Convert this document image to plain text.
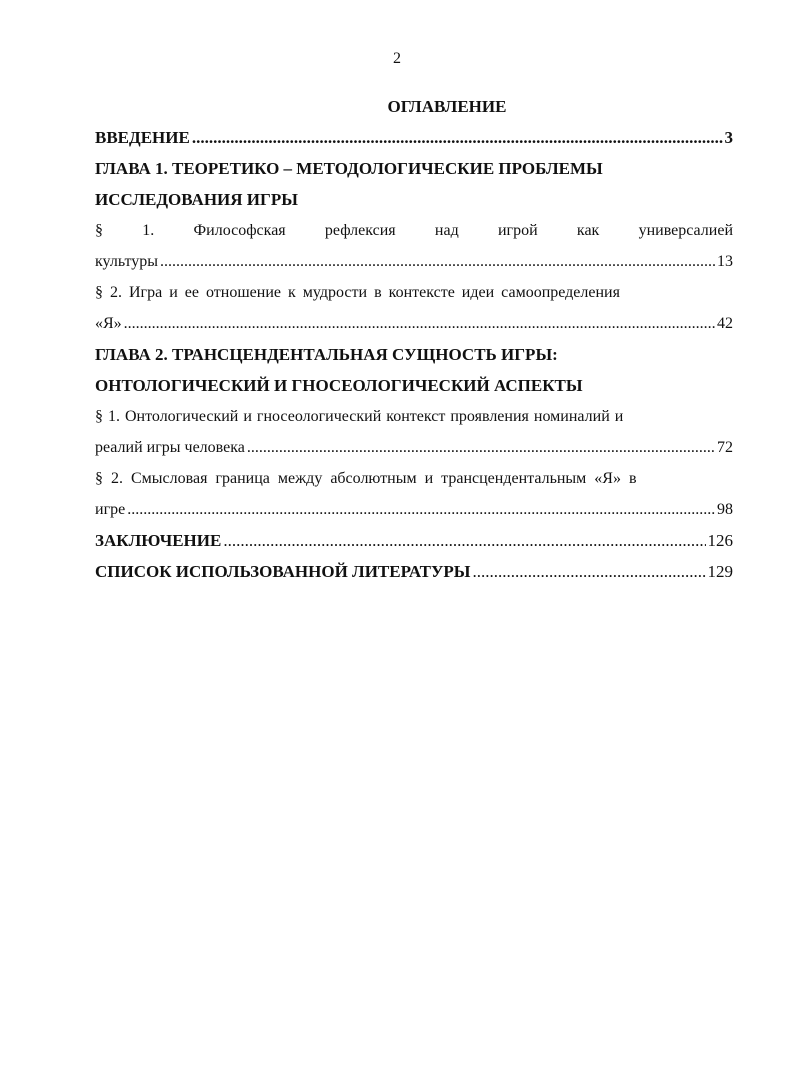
2
ОГЛАВЛЕНИЕ
ВВЕДЕНИЕ .....	3
ГЛАВА 1. ТЕОРЕТИКО – МЕТОДОЛОГИЧЕСКИЕ ПРОБЛЕМЫ
ИССЛЕДОВАНИЯ ИГРЫ
§ 1. Философская рефлексия над игрой как универсалией
культуры .....	13
§ 2. Игра и ее отношение к мудрости в контексте идеи самоопределения
«Я» .....	42
ГЛАВА 2. ТРАНСЦЕНДЕНТАЛЬНАЯ СУЩНОСТЬ ИГРЫ:
ОНТОЛОГИЧЕСКИЙ И ГНОСЕОЛОГИЧЕСКИЙ АСПЕКТЫ
§ 1. Онтологический и гносеологический контекст проявления номиналий и
реалий игры человека .....	72
§ 2. Смысловая граница между абсолютным и трансцендентальным «Я» в
игре .....	98
ЗАКЛЮЧЕНИЕ .....	126
СПИСОК ИСПОЛЬЗОВАННОЙ ЛИТЕРАТУРЫ .....	129
